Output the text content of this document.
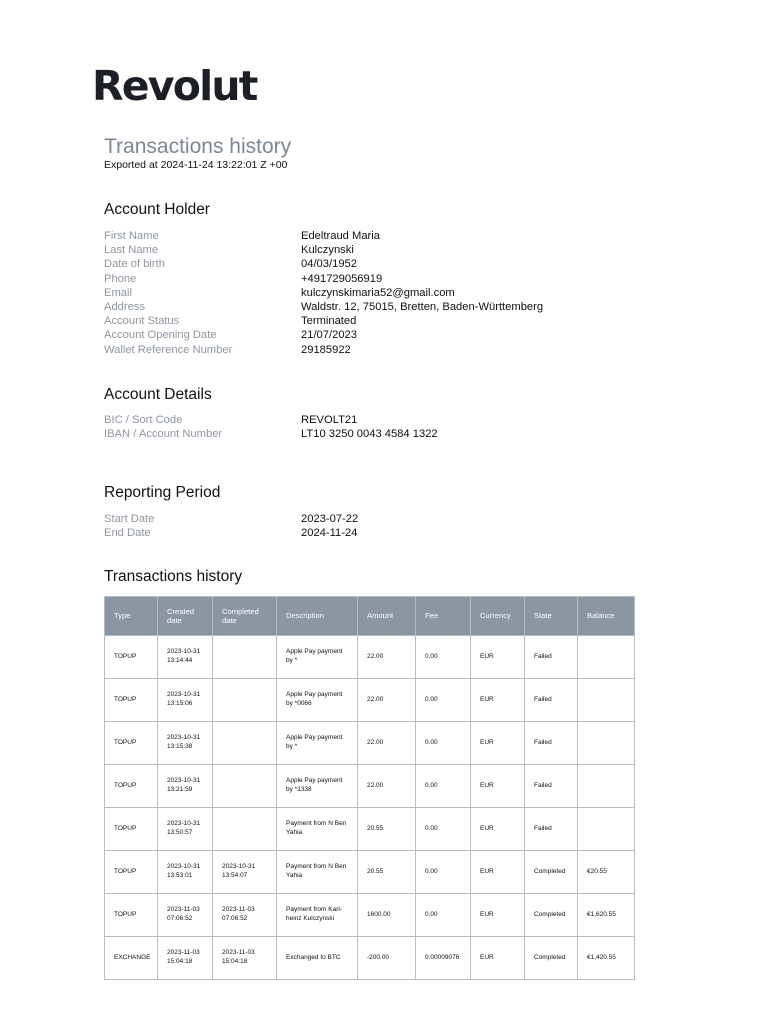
Revolut
Transactions history
Exported at 2024-11-24 13:22:01 Z +00
Account Holder
First Name	Edeltraud Maria
Last Name	Kulczynski
Date of birth	04/03/1952
Phone	+491729056919
Email	kulczynskimaria52@gmail.com
Address	Waldstr. 12, 75015, Bretten, Baden-Württemberg
Account Status	Terminated
Account Opening Date	21/07/2023
Wallet Reference Number	29185922
Account Details
BIC / Sort Code	REVOLT21
IBAN / Account Number	LT10 3250 0043 4584 1322
Reporting Period
Start Date	2023-07-22
End Date	2024-11-24
Transactions history
Type	Created date	Completed date	Description	Amount	Fee	Currency	State	Balance
TOPUP	2023-10-31 13:14:44		Apple Pay payment by *	22.00	0.00	EUR	Failed	
TOPUP	2023-10-31 13:15:06		Apple Pay payment by *0066	22.00	0.00	EUR	Failed	
TOPUP	2023-10-31 13:15:38		Apple Pay payment by *	22.00	0.00	EUR	Failed	
TOPUP	2023-10-31 13:21:59		Apple Pay payment by *1338	22.00	0.00	EUR	Failed	
TOPUP	2023-10-31 13:50:57		Payment from N Ben Yahia	20.55	0.00	EUR	Failed	
TOPUP	2023-10-31 13:53:01	2023-10-31 13:54:07	Payment from N Ben Yahia	20.55	0.00	EUR	Completed	€20.55
TOPUP	2023-11-03 07:06:52	2023-11-03 07:06:52	Payment from Karl-heinz Kulczynski	1600.00	0.00	EUR	Completed	€1,620.55
EXCHANGE	2023-11-03 15:04:18	2023-11-03 15:04:18	Exchanged to BTC	-200.00	0.00009076	EUR	Completed	€1,420.55
